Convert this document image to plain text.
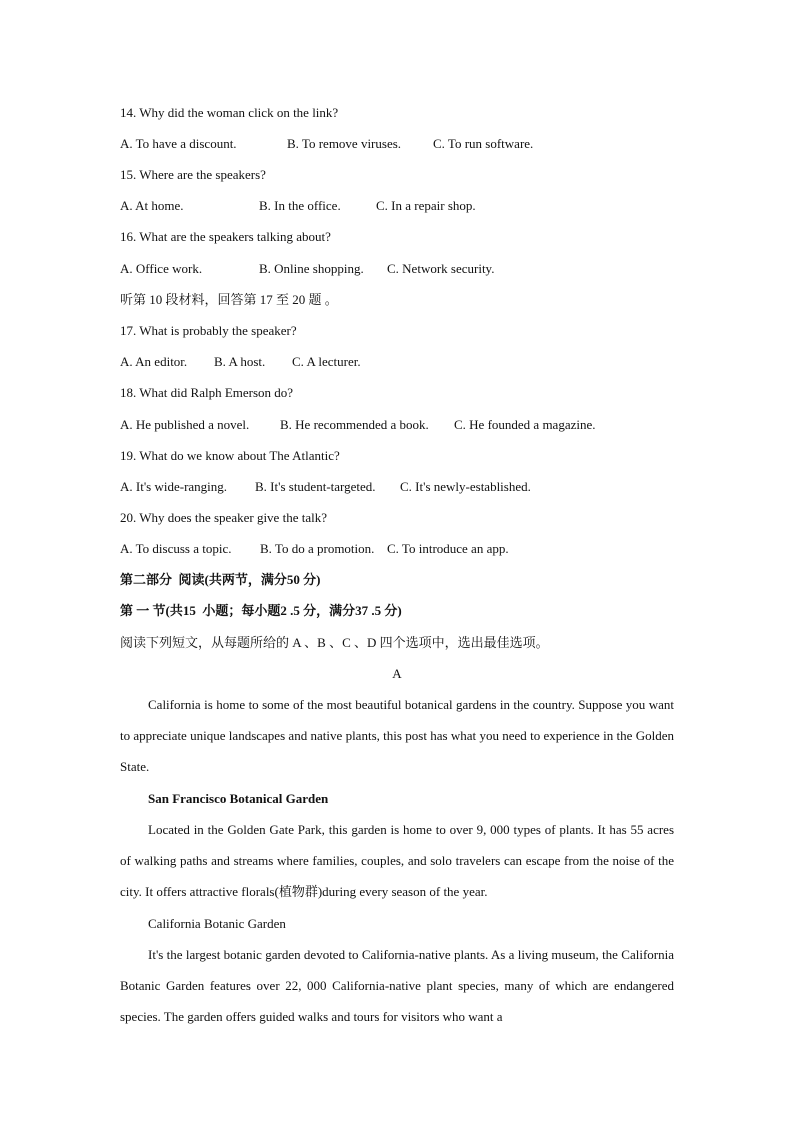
14. Why did the woman click on the link?

A. To have a discount.

	B. To remove viruses.

C. To run software.

15. Where are the speakers?

A. At home.

	B. In the office.

	C. In a repair shop.

16. What are the speakers talking about?

A. Office work.

	B. Online shopping.

C. Network security.

听第 10 段材料，回答第 17 至 20 题 。
17. What is probably the speaker?

A. An editor.

B. A host.

C. A lecturer.

18. What did Ralph Emerson do?

A. He published a novel.

B. He recommended a book.

C. He founded a magazine.

19. What do we know about The Atlantic?

A. It's wide-ranging.

B. It's student-targeted.

C. It's newly-established.

20. Why does the speaker give the talk?

A. To discuss a topic.

B. To do a promotion.

C. To introduce an app.

第二部分  阅读(共两节，满分50 分)
第 一 节(共15  小题；每小题2 .5 分，满分37 .5 分)
阅读下列短文，从每题所给的 A 、B 、C 、D 四个选项中，选出最佳选项。
A
California is home to some of the most beautiful botanical gardens in the country. Suppose you want to appreciate unique landscapes and native plants, this post has what you need to experience in the Golden State.
San Francisco Botanical Garden
Located in the Golden Gate Park, this garden is home to over 9, 000 types of plants. It has 55 acres of walking paths and streams where families, couples, and solo travelers can escape from the noise of the city. It offers attractive florals(植物群)during every season of the year.
California Botanic Garden
It's the largest botanic garden devoted to California-native plants. As a living museum, the California Botanic Garden features over 22, 000 California-native plant species, many of which are endangered species. The garden offers guided walks and tours for visitors who want a
